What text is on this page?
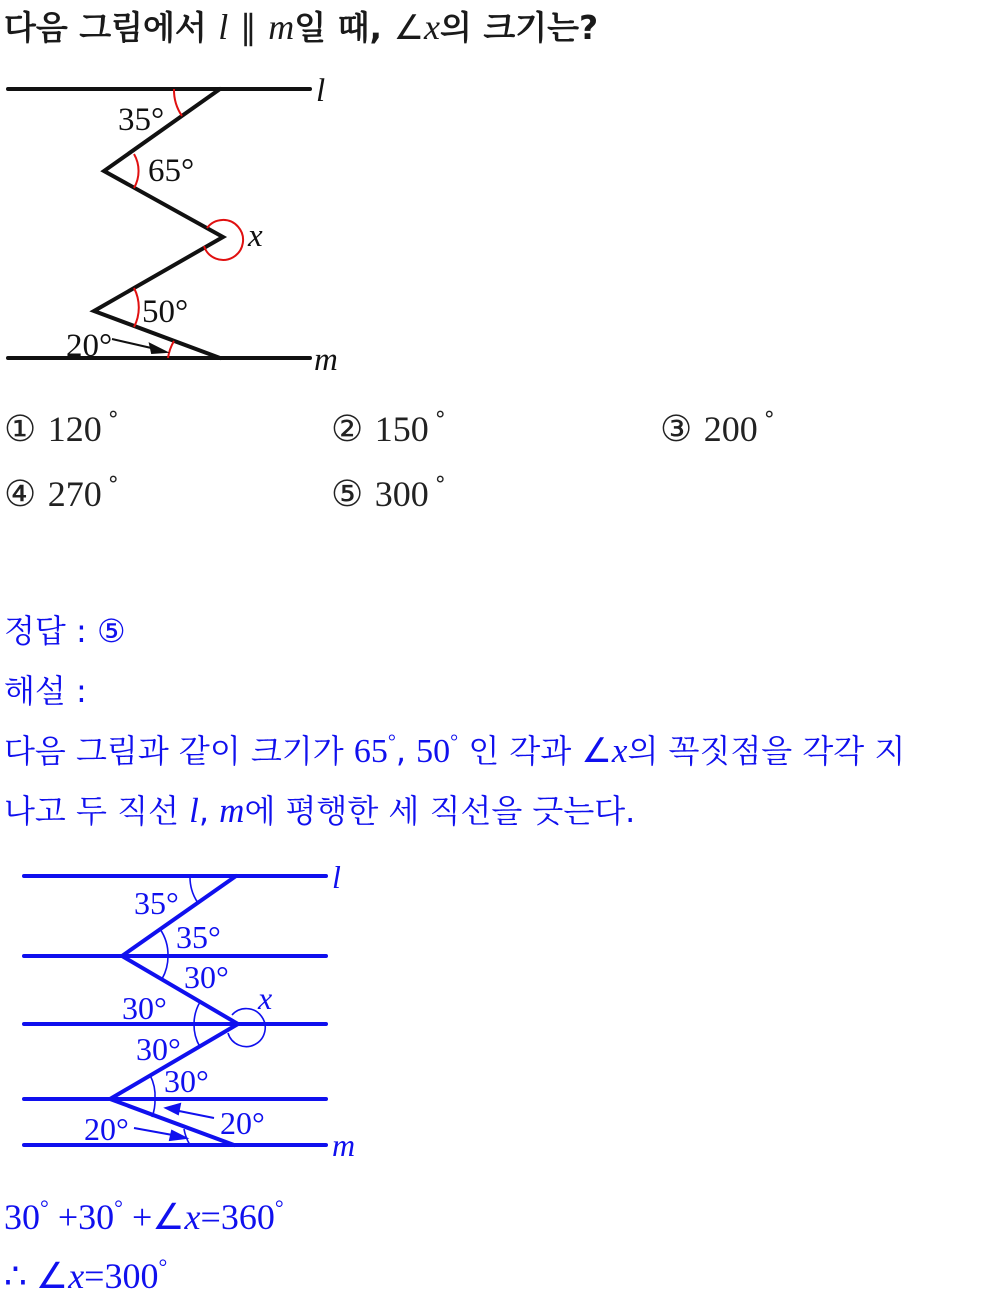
다음 그림에서 l ∥ m일 때, ∠x의 크기는?
l
m
x
35°
65°
50°
20°
① 120 °	② 150 °	③ 200 °
④ 270 °	⑤ 300 °
정답 : ⑤
해설 :
다음 그림과 같이 크기가 65°, 50° 인 각과 ∠x의 꼭짓점을 각각 지
나고 두 직선 l, m에 평행한 세 직선을 긋는다.
l
m
x
35°
35°
30°
30°
30°
30°
20°
20°
30° +30° +∠x=360°
∴ ∠x=300°
